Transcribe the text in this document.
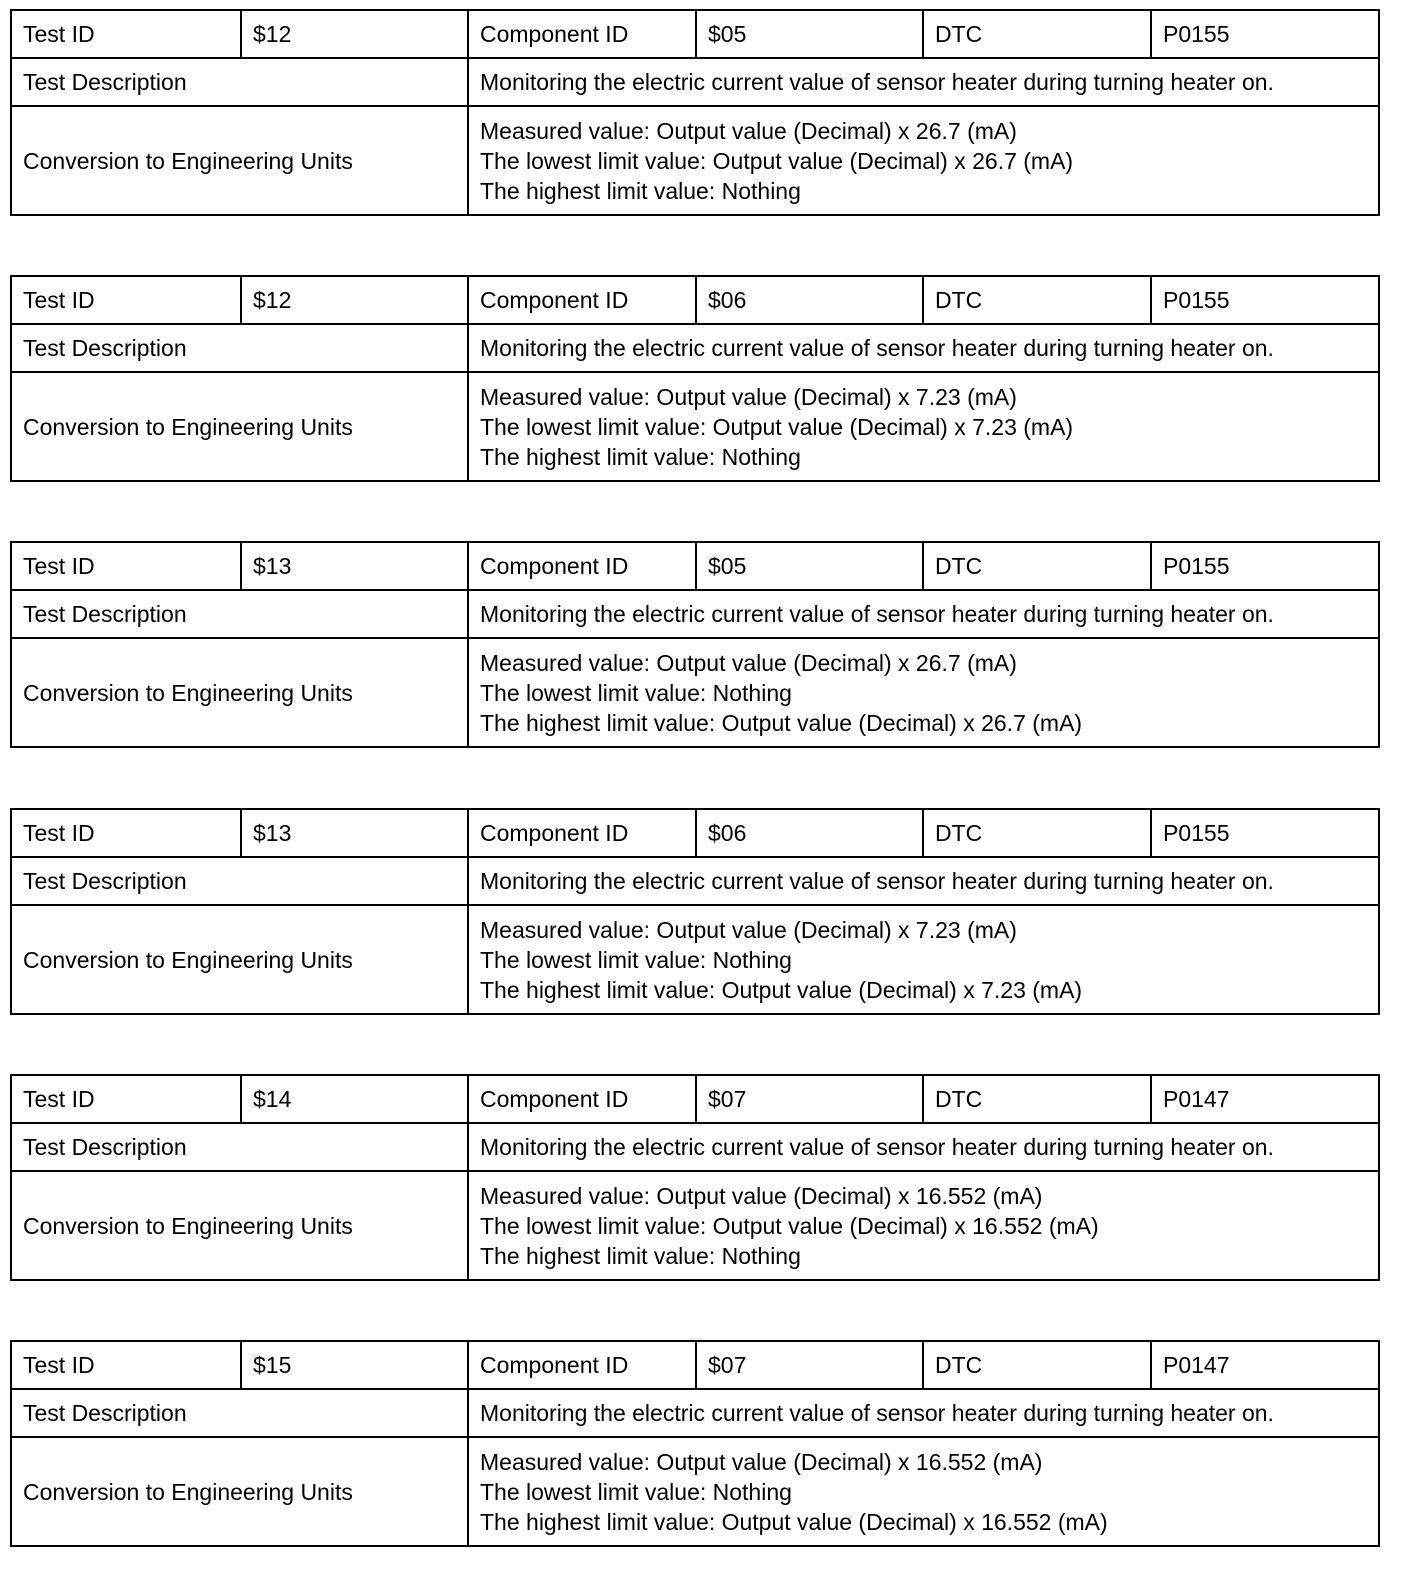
Test ID	$12	Component ID	$05	DTC	P0155
Test Description		Monitoring the electric current value of sensor heater during turning heater on.			
Conversion to Engineering Units		Measured value: Output value (Decimal) x 26.7 (mA)
The lowest limit value: Output value (Decimal) x 26.7 (mA)
The highest limit value: Nothing			
Test ID	$12	Component ID	$06	DTC	P0155
Test Description		Monitoring the electric current value of sensor heater during turning heater on.			
Conversion to Engineering Units		Measured value: Output value (Decimal) x 7.23 (mA)
The lowest limit value: Output value (Decimal) x 7.23 (mA)
The highest limit value: Nothing			
Test ID	$13	Component ID	$05	DTC	P0155
Test Description		Monitoring the electric current value of sensor heater during turning heater on.			
Conversion to Engineering Units		Measured value: Output value (Decimal) x 26.7 (mA)
The lowest limit value: Nothing
The highest limit value: Output value (Decimal) x 26.7 (mA)			
Test ID	$13	Component ID	$06	DTC	P0155
Test Description		Monitoring the electric current value of sensor heater during turning heater on.			
Conversion to Engineering Units		Measured value: Output value (Decimal) x 7.23 (mA)
The lowest limit value: Nothing
The highest limit value: Output value (Decimal) x 7.23 (mA)			
Test ID	$14	Component ID	$07	DTC	P0147
Test Description		Monitoring the electric current value of sensor heater during turning heater on.			
Conversion to Engineering Units		Measured value: Output value (Decimal) x 16.552 (mA)
The lowest limit value: Output value (Decimal) x 16.552 (mA)
The highest limit value: Nothing			
Test ID	$15	Component ID	$07	DTC	P0147
Test Description		Monitoring the electric current value of sensor heater during turning heater on.			
Conversion to Engineering Units		Measured value: Output value (Decimal) x 16.552 (mA)
The lowest limit value: Nothing
The highest limit value: Output value (Decimal) x 16.552 (mA)			
